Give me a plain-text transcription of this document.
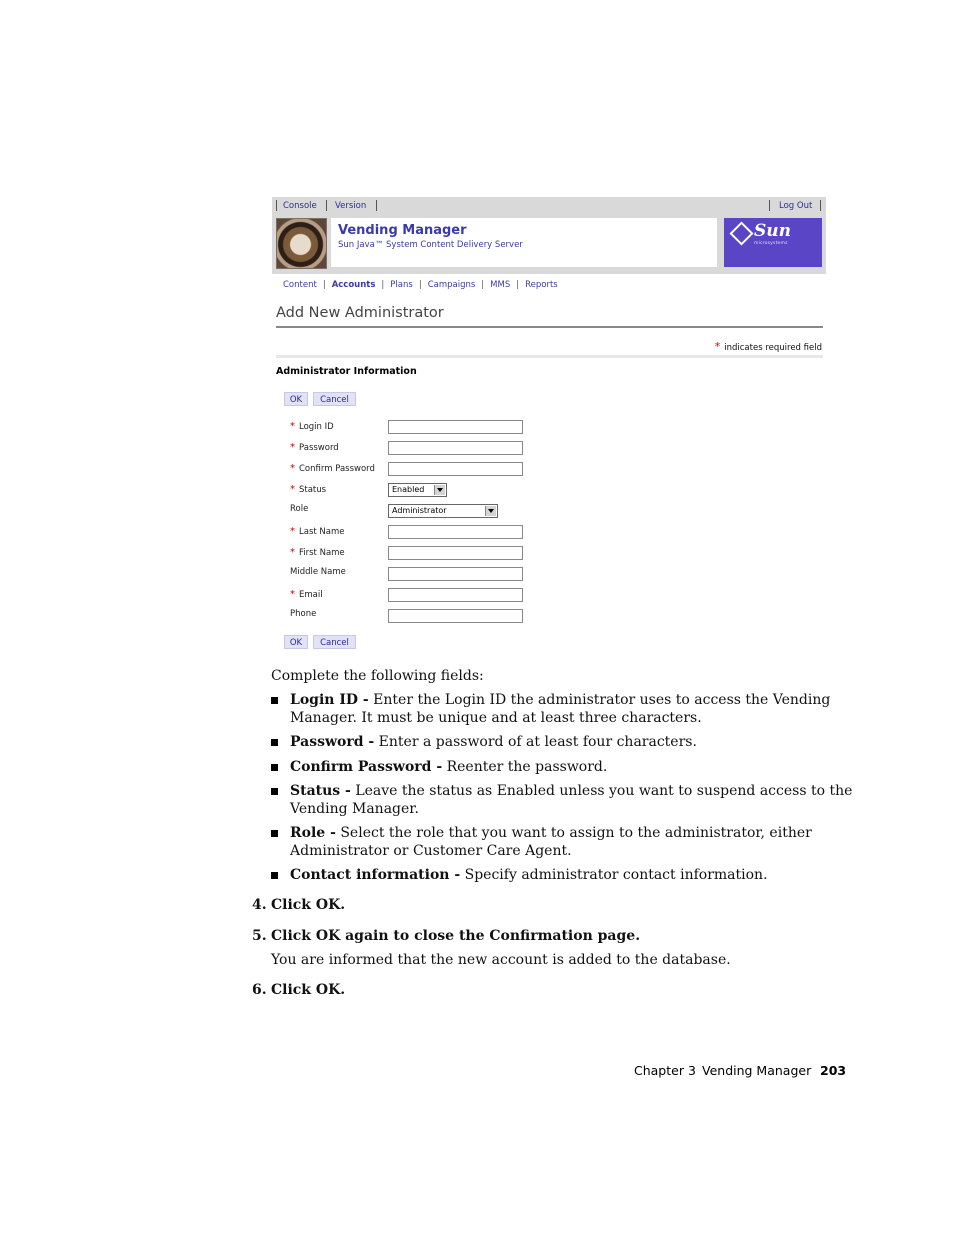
Console Version	Log Out
Vending Manager
Sun Java™ System Content Delivery Server
Sun
microsystems
Content | Accounts | Plans | Campaigns | MMS | Reports
Add New Administrator
* indicates required field
Administrator Information
OK	Cancel
* Login ID
* Password
* Confirm Password
* Status	Enabled
Role	Administrator
* Last Name
* First Name
Middle Name
* Email
Phone
OK	Cancel
Complete the following fields:
Login ID - Enter the Login ID the administrator uses to access the Vending
Manager. It must be unique and at least three characters.
Password - Enter a password of at least four characters.
Confirm Password - Reenter the password.
Status - Leave the status as Enabled unless you want to suspend access to the
Vending Manager.
Role - Select the role that you want to assign to the administrator, either
Administrator or Customer Care Agent.
Contact information - Specify administrator contact information.
4. Click OK.
5. Click OK again to close the Confirmation page.
You are informed that the new account is added to the database.
6. Click OK.
Chapter 3 Vending Manager 203
